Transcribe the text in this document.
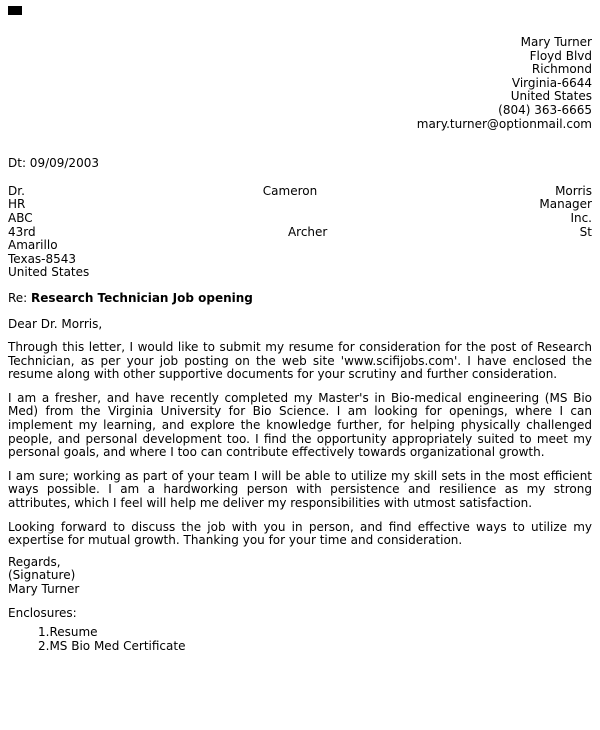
Mary Turner
Floyd Blvd
Richmond
Virginia-6644
United States
(804) 363-6665
mary.turner@optionmail.com
Dt: 09/09/2003
Dr.	Cameron	Morris
HR	Manager
ABC	Inc.
43rd	Archer	St
Amarillo
Texas-8543
United States
Re: Research Technician Job opening
Dear Dr. Morris,

Through this letter, I would like to submit my resume for consideration for the post of Research Technician, as per your job posting on the web site 'www.scifijobs.com'. I have enclosed the resume along with other supportive documents for your scrutiny and further consideration.

I am a fresher, and have recently completed my Master's in Bio-medical engineering (MS Bio Med) from the Virginia University for Bio Science. I am looking for openings, where I can implement my learning, and explore the knowledge further, for helping physically challenged people, and personal development too. I find the opportunity appropriately suited to meet my personal goals, and where I too can contribute effectively towards organizational growth.

I am sure; working as part of your team I will be able to utilize my skill sets in the most efficient ways possible. I am a hardworking person with persistence and resilience as my strong attributes, which I feel will help me deliver my responsibilities with utmost satisfaction.

Looking forward to discuss the job with you in person, and find effective ways to utilize my expertise for mutual growth. Thanking you for your time and consideration.

Regards,
(Signature)
Mary Turner
Enclosures:
1.Resume
2.MS Bio Med Certificate
